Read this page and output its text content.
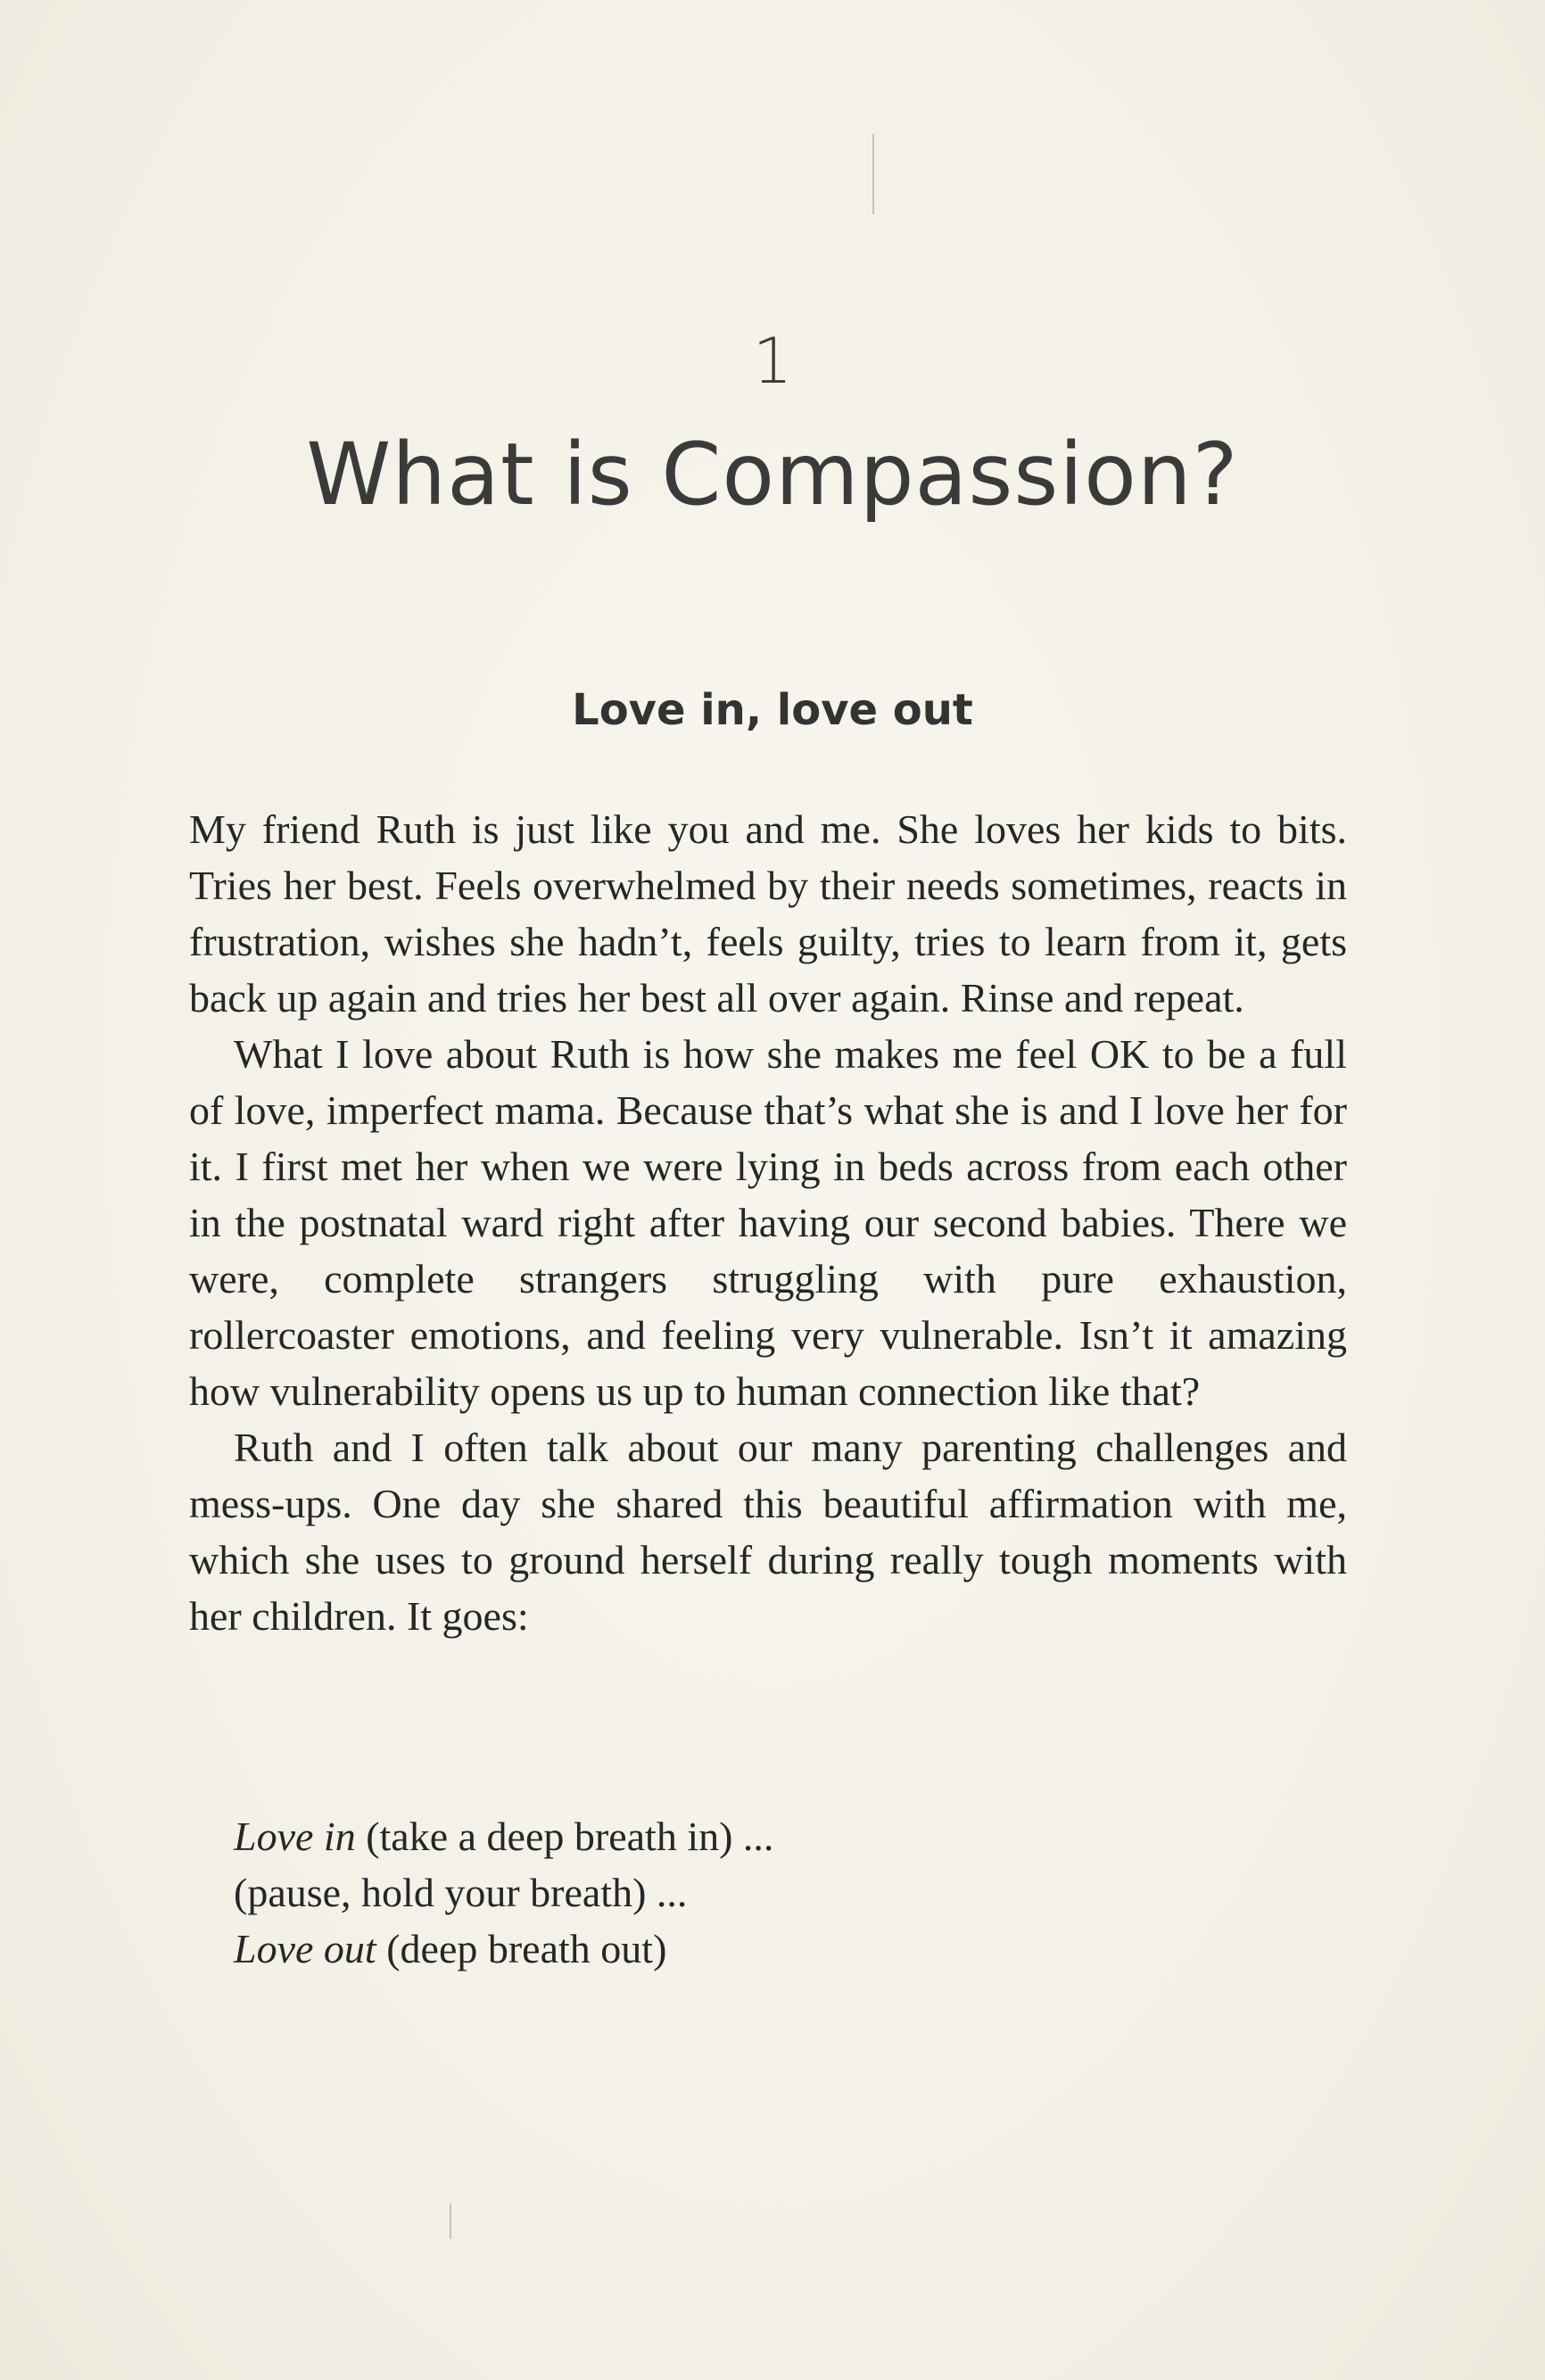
1
What is Compassion?
Love in, love out

My friend Ruth is just like you and me. She loves her kids to bits. Tries her best. Feels overwhelmed by their needs sometimes, reacts in frustration, wishes she hadn’t, feels guilty, tries to learn from it, gets back up again and tries her best all over again. Rinse and repeat.

What I love about Ruth is how she makes me feel OK to be a full of love, imperfect mama. Because that’s what she is and I love her for it. I first met her when we were lying in beds across from each other in the postnatal ward right after having our second babies. There we were, complete strangers struggling with pure exhaustion, rollercoaster emotions, and feeling very vulnerable. Isn’t it amazing how vulnerability opens us up to human connection like that?

Ruth and I often talk about our many parenting challenges and mess-ups. One day she shared this beautiful affirmation with me, which she uses to ground herself during really tough moments with her children. It goes:

Love in (take a deep breath in) ...
(pause, hold your breath) ...
Love out (deep breath out)
